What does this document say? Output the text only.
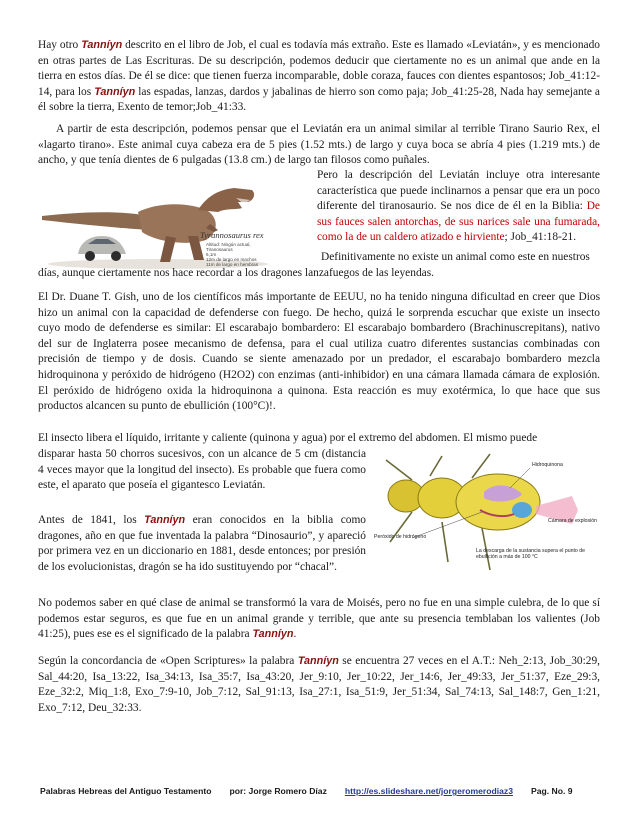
Hay otro Tanníyn descrito en el libro de Job, el cual es todavía más extraño. Este es llamado «Leviatán», y es mencionado en otras partes de Las Escrituras. De su descripción, podemos deducir que ciertamente no es un animal que ande en la tierra en estos días. De él se dice: que tienen fuerza incomparable, doble coraza, fauces con dientes espantosos; Job_41:12-14, para los Tanníyn las espadas, lanzas, dardos y jabalinas de hierro son como paja; Job_41:25-28, Nada hay semejante a él sobre la tierra, Exento de temor;Job_41:33.

A partir de esta descripción, podemos pensar que el Leviatán era un animal similar al terrible Tirano Saurio Rex, el «lagarto tirano». Este animal cuya cabeza era de 5 pies (1.52 mts.) de largo y cuya boca se abría 4 pies (1.219 mts.) de ancho, y que tenía dientes de 6 pulgadas (13.8 cm.) de largo tan filosos como puñales.

Tyrannosaurus rex
Altitud: Ningún actual,
Tiranosaurus
6,1m
12m de largo en machos
11m de largo en hembras

Pero la descripción del Leviatán incluye otra interesante característica que puede inclinarnos a pensar que era un poco diferente del tiranosaurio. Se nos dice de él en la Biblia: De sus fauces salen antorchas, de sus narices sale una fumarada, como la de un caldero atizado e hirviente; Job_41:18-21.

Definitivamente no existe un animal como este en nuestros

días, aunque ciertamente nos hace recordar a los dragones lanzafuegos de las leyendas.

El Dr. Duane T. Gish, uno de los científicos más importante de EEUU, no ha tenido ninguna dificultad en creer que Dios hizo un animal con la capacidad de defenderse con fuego. De hecho, quizá le sorprenda escuchar que existe un insecto cuyo modo de defenderse es similar: El escarabajo bombardero: El escarabajo bombardero (Brachinuscrepitans), nativo del sur de Inglaterra posee mecanismo de defensa, para el cual utiliza cuatro diferentes sustancias combinadas con precisión de tiempo y de dosis. Cuando se siente amenazado por un predador, el escarabajo bombardero mezcla hidroquinona y peróxido de hidrógeno (H2O2) con enzimas (anti-inhibidor) en una cámara llamada cámara de explosión. El peróxido de hidrógeno oxida la hidroquinona a quinona. Esta reacción es muy exotérmica, lo que hace que sus productos alcancen su punto de ebullición (100°C)!.

El insecto libera el líquido, irritante y caliente (quinona y agua) por el extremo del abdomen. El mismo puede

disparar hasta 50 chorros sucesivos, con un alcance de 5 cm (distancia 4 veces mayor que la longitud del insecto). Es probable que fuera como este, el aparato que poseía el gigantesco Leviatán.

Hidroquinona
Cámara de explosión
Peróxido de hidrógeno
La descarga de la sustancia supera el punto de ebullición a más de 100 °C

Antes de 1841, los Tanníyn eran conocidos en la biblia como dragones, año en que fue inventada la palabra “Dinosaurio”, y apareció por primera vez en un diccionario en 1881, desde entonces; por presión de los evolucionistas, dragón se ha ido sustituyendo por “chacal”.

No podemos saber en qué clase de animal se transformó la vara de Moisés, pero no fue en una simple culebra, de lo que sí podemos estar seguros, es que fue en un animal grande y terrible, que ante su presencia temblaban los valientes (Job 41:25), pues ese es el significado de la palabra Tanníyn.

Según la concordancia de «Open Scriptures» la palabra Tanníyn se encuentra 27 veces en el A.T.: Neh_2:13, Job_30:29, Sal_44:20, Isa_13:22, Isa_34:13, Isa_35:7, Isa_43:20, Jer_9:10, Jer_10:22, Jer_14:6, Jer_49:33, Jer_51:37, Eze_29:3, Eze_32:2, Miq_1:8, Exo_7:9-10, Job_7:12, Sal_91:13, Isa_27:1, Isa_51:9, Jer_51:34, Sal_74:13, Sal_148:7, Gen_1:21, Exo_7:12, Deu_32:33.

Palabras Hebreas del Antiguo Testamento por: Jorge Romero Díaz http://es.slideshare.net/jorgeromerodiaz3 Pag. No. 9
